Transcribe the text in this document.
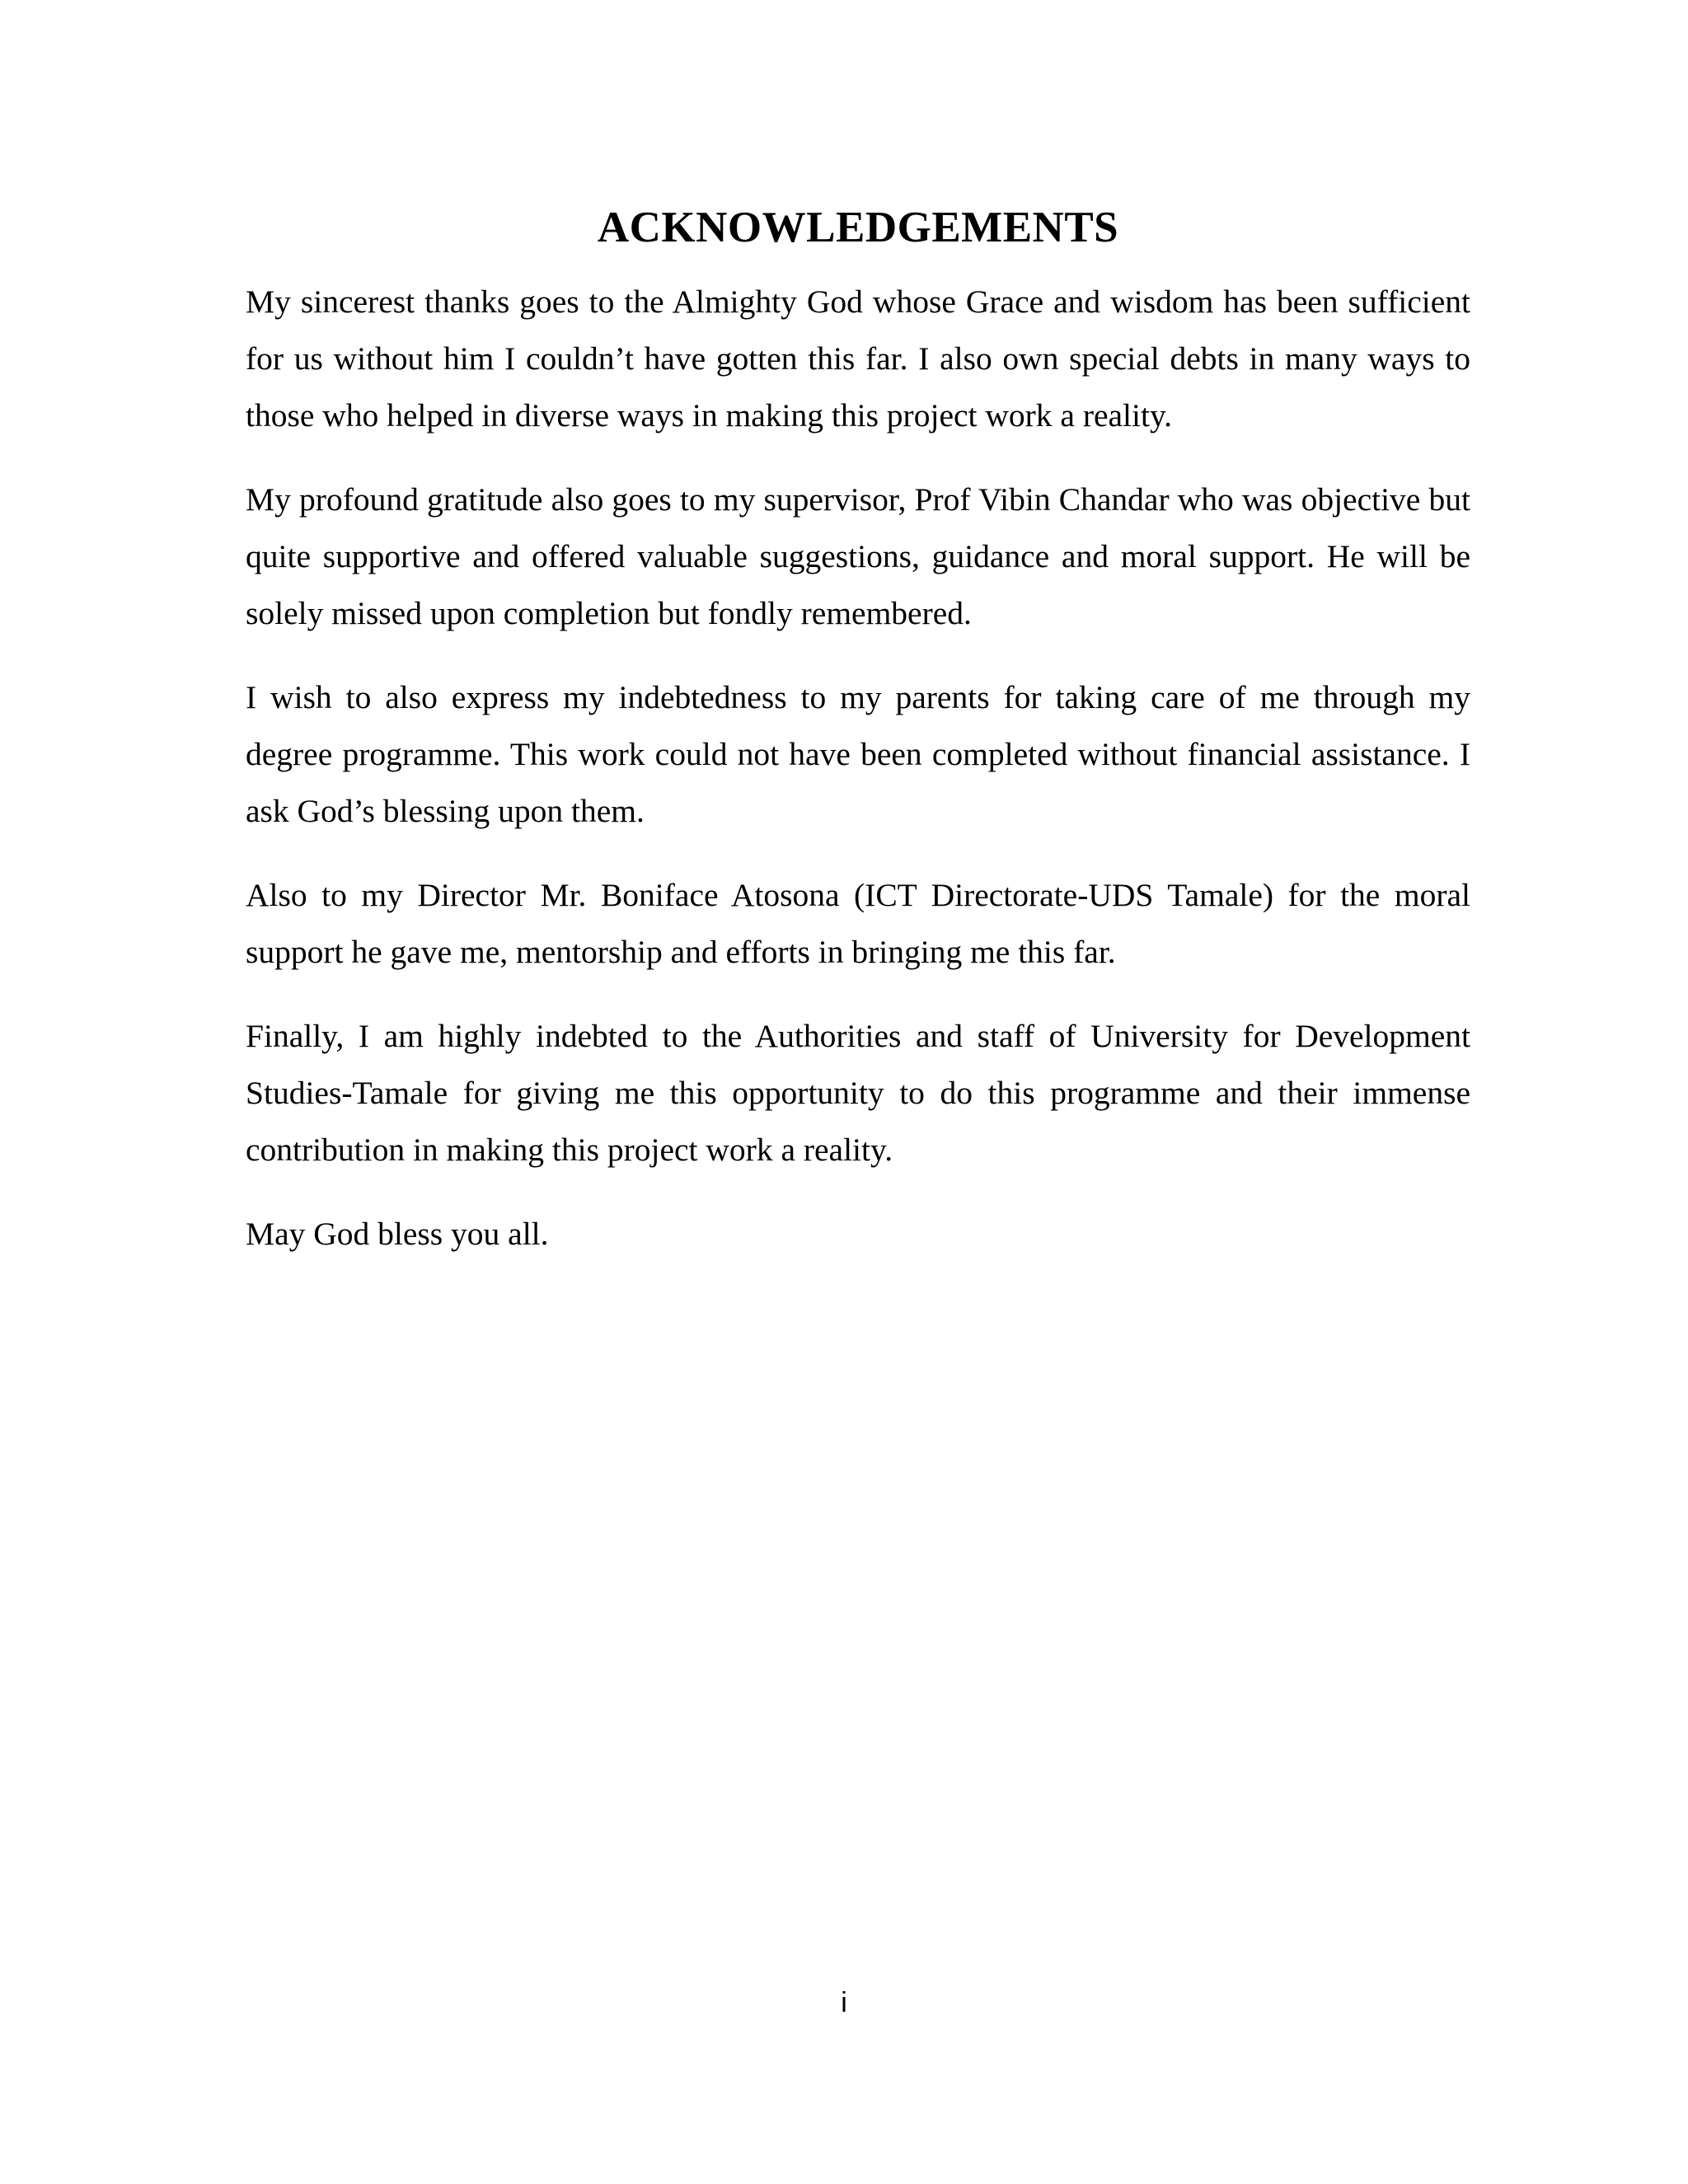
ACKNOWLEDGEMENTS

My sincerest thanks goes to the Almighty God whose Grace and wisdom has been sufficient for us without him I couldn’t have gotten this far. I also own special debts in many ways to those who helped in diverse ways in making this project work a reality.

My profound gratitude also goes to my supervisor, Prof Vibin Chandar who was objective but quite supportive and offered valuable suggestions, guidance and moral support. He will be solely missed upon completion but fondly remembered.

I wish to also express my indebtedness to my parents for taking care of me through my degree programme. This work could not have been completed without financial assistance. I ask God’s blessing upon them.

Also to my Director Mr. Boniface Atosona (ICT Directorate-UDS Tamale) for the moral support he gave me, mentorship and efforts in bringing me this far.

Finally, I am highly indebted to the Authorities and staff of University for Development Studies-Tamale for giving me this opportunity to do this programme and their immense contribution in making this project work a reality.

May God bless you all.

i
